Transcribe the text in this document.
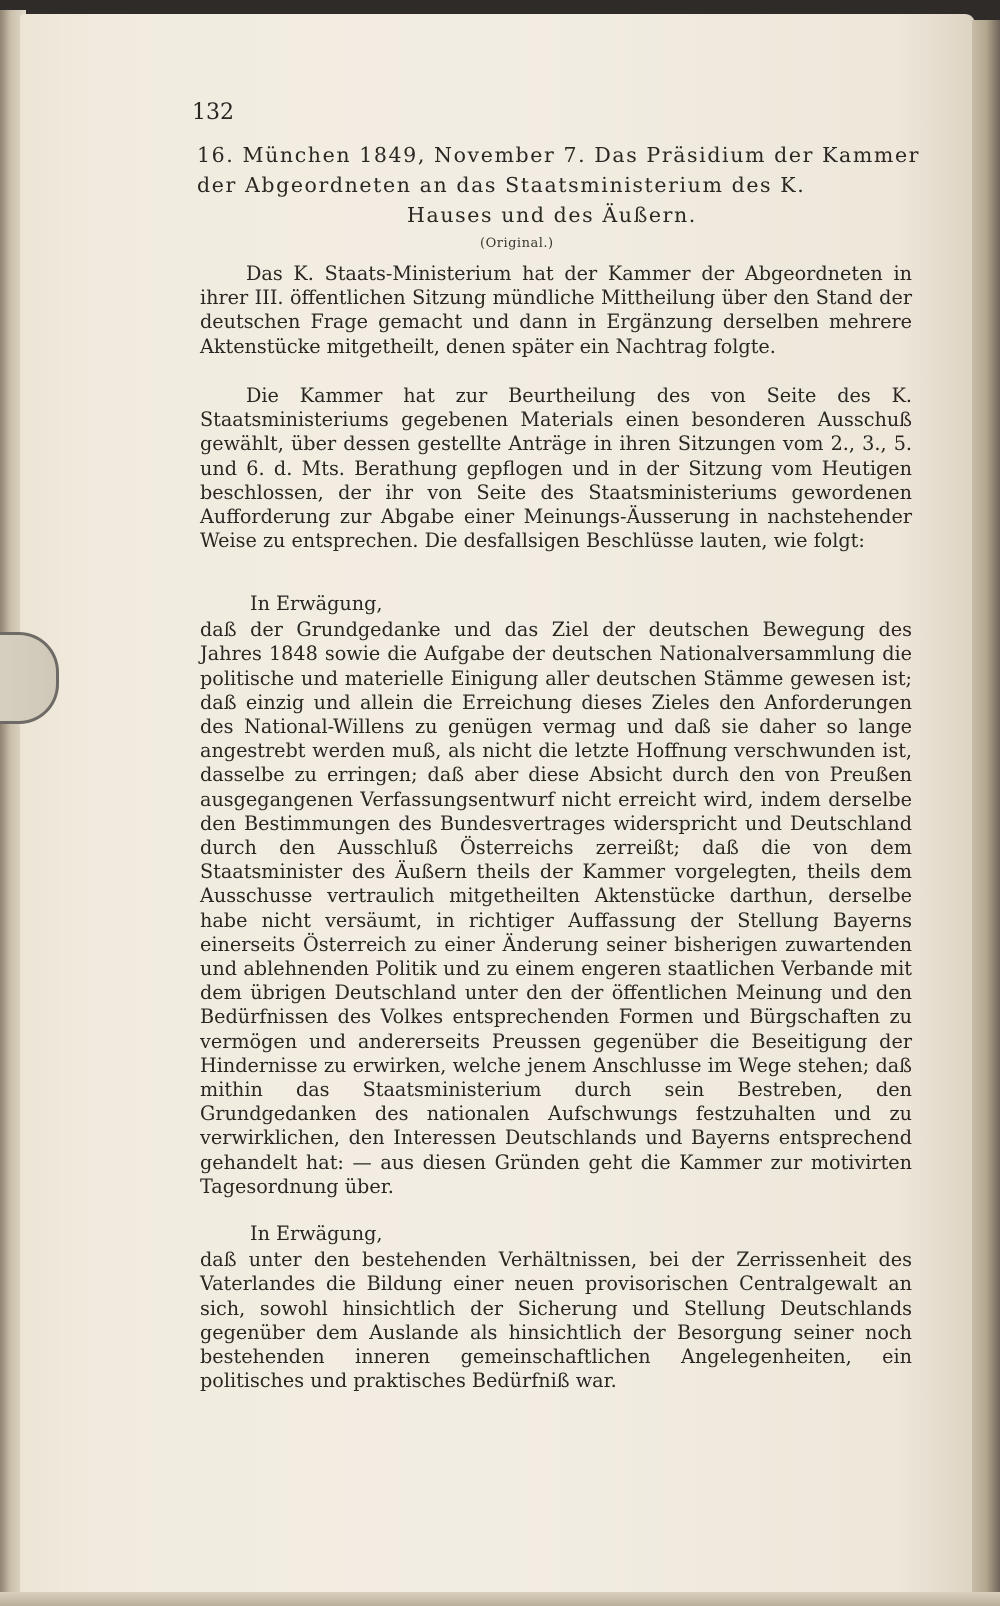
132
16. München 1849, November 7. Das Präsidium der Kammer
der Abgeordneten an das Staatsministerium des K.
Hauses und des Äußern.
(Original.)

Das K. Staats-Ministerium hat der Kammer der Abgeordneten in ihrer III. öffentlichen Sitzung mündliche Mittheilung über den Stand der deutschen Frage gemacht und dann in Ergänzung derselben mehrere Aktenstücke mitgetheilt, denen später ein Nachtrag folgte.

Die Kammer hat zur Beurtheilung des von Seite des K. Staatsministeriums gegebenen Materials einen besonderen Ausschuß gewählt, über dessen gestellte Anträge in ihren Sitzungen vom 2., 3., 5. und 6. d. Mts. Berathung gepflogen und in der Sitzung vom Heutigen beschlossen, der ihr von Seite des Staatsministeriums gewordenen Aufforderung zur Abgabe einer Meinungs-Äusserung in nachstehender Weise zu entsprechen. Die desfallsigen Beschlüsse lauten, wie folgt:

In Erwägung,

daß der Grundgedanke und das Ziel der deutschen Bewegung des Jahres 1848 sowie die Aufgabe der deutschen Nationalversammlung die politische und materielle Einigung aller deutschen Stämme gewesen ist; daß einzig und allein die Erreichung dieses Zieles den Anforderungen des National-Willens zu genügen vermag und daß sie daher so lange angestrebt werden muß, als nicht die letzte Hoffnung verschwunden ist, dasselbe zu erringen; daß aber diese Absicht durch den von Preußen ausgegangenen Verfassungsentwurf nicht erreicht wird, indem derselbe den Bestimmungen des Bundesvertrages widerspricht und Deutschland durch den Ausschluß Österreichs zerreißt; daß die von dem Staatsminister des Äußern theils der Kammer vorgelegten, theils dem Ausschusse vertraulich mitgetheilten Aktenstücke darthun, derselbe habe nicht versäumt, in richtiger Auffassung der Stellung Bayerns einerseits Österreich zu einer Änderung seiner bisherigen zuwartenden und ablehnenden Politik und zu einem engeren staatlichen Verbande mit dem übrigen Deutschland unter den der öffentlichen Meinung und den Bedürfnissen des Volkes entsprechenden Formen und Bürgschaften zu vermögen und andererseits Preussen gegenüber die Beseitigung der Hindernisse zu erwirken, welche jenem Anschlusse im Wege stehen; daß mithin das Staatsministerium durch sein Bestreben, den Grundgedanken des nationalen Aufschwungs festzuhalten und zu verwirklichen, den Interessen Deutschlands und Bayerns entsprechend gehandelt hat: — aus diesen Gründen geht die Kammer zur motivirten Tagesordnung über.

In Erwägung,

daß unter den bestehenden Verhältnissen, bei der Zerrissenheit des Vaterlandes die Bildung einer neuen provisorischen Centralgewalt an sich, sowohl hinsichtlich der Sicherung und Stellung Deutschlands gegenüber dem Auslande als hinsichtlich der Besorgung seiner noch bestehenden inneren gemeinschaftlichen Angelegenheiten, ein politisches und praktisches Bedürfniß war.
